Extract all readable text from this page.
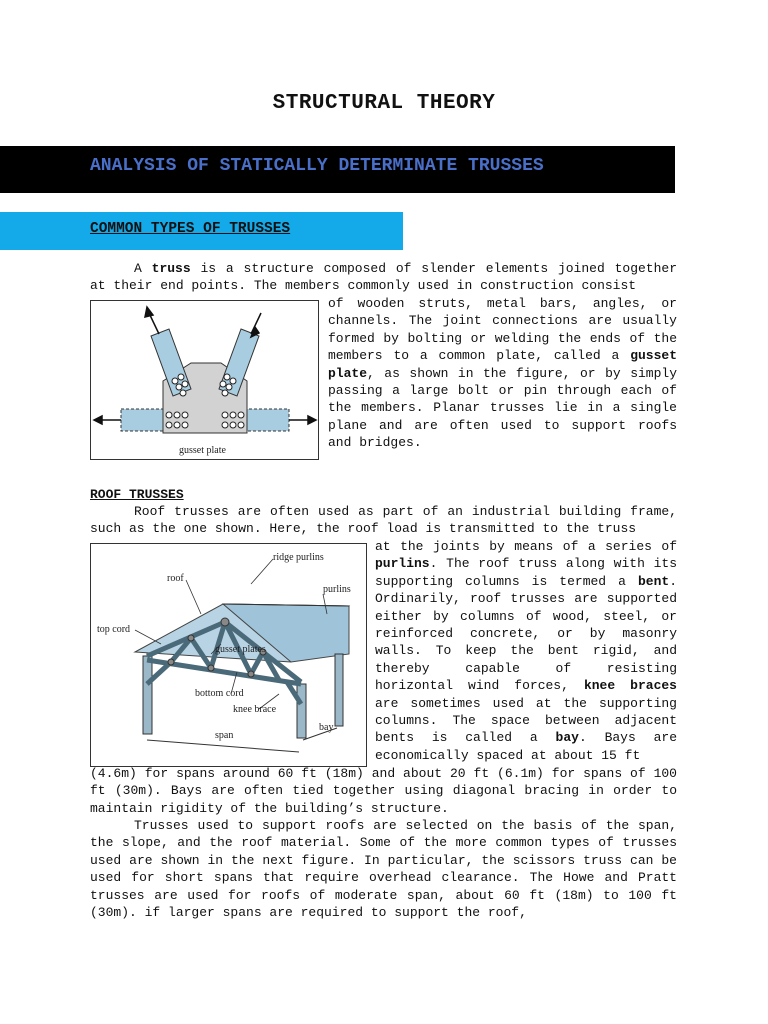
STRUCTURAL THEORY
ANALYSIS OF STATICALLY DETERMINATE TRUSSES
COMMON TYPES OF TRUSSES
A truss is a structure composed of slender elements joined together at their end points. The members commonly used in construction consist
gusset plate
of wooden struts, metal bars, angles, or channels. The joint connections are usually formed by bolting or welding the ends of the members to a common plate, called a gusset plate, as shown in the figure, or by simply passing a large bolt or pin through each of the members. Planar trusses lie in a single plane and are often used to support roofs and bridges.
ROOF TRUSSES
Roof trusses are often used as part of an industrial building frame, such as the one shown. Here, the roof load is transmitted to the truss
ridge purlins
roof
purlins
top cord
gusset plates
bottom cord
knee brace
span
bay
at the joints by means of a series of purlins. The roof truss along with its supporting columns is termed a bent. Ordinarily, roof trusses are supported either by columns of wood, steel, or reinforced concrete, or by masonry walls. To keep the bent rigid, and thereby capable of resisting horizontal wind forces, knee braces are sometimes used at the supporting columns. The space between adjacent bents is called a bay. Bays are economically spaced at about 15 ft
(4.6m) for spans around 60 ft (18m) and about 20 ft (6.1m) for spans of 100 ft (30m). Bays are often tied together using diagonal bracing in order to maintain rigidity of the building’s structure.
Trusses used to support roofs are selected on the basis of the span, the slope, and the roof material. Some of the more common types of trusses used are shown in the next figure. In particular, the scissors truss can be used for short spans that require overhead clearance. The Howe and Pratt trusses are used for roofs of moderate span, about 60 ft (18m) to 100 ft (30m). if larger spans are required to support the roof,
